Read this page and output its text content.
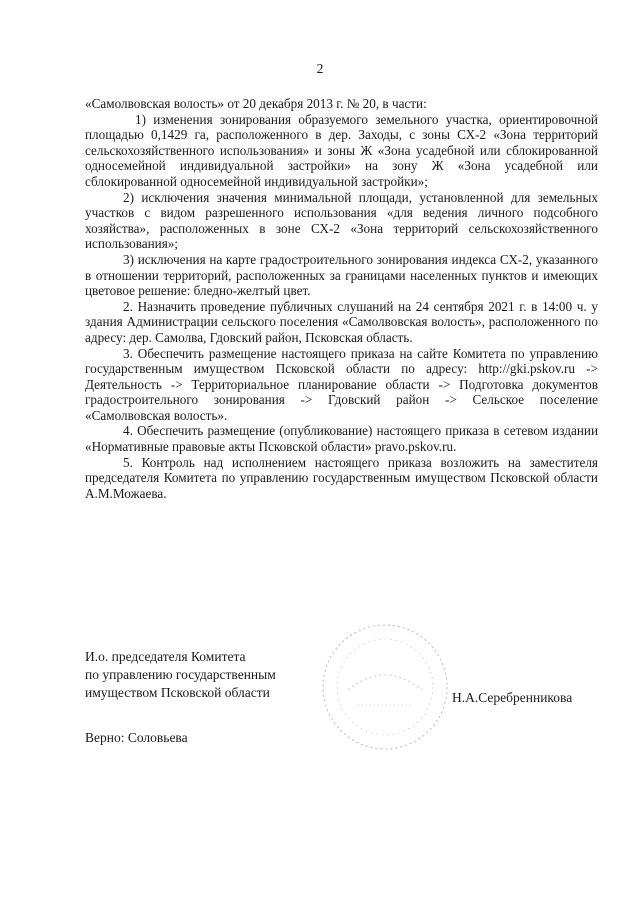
2

«Самолвовская волость» от 20 декабря 2013 г. № 20, в части:

1) изменения зонирования образуемого земельного участка, ориентировочной площадью 0,1429 га, расположенного в дер. Заходы, с зоны СХ-2 «Зона территорий сельскохозяйственного использования» и зоны Ж «Зона усадебной или сблокированной односемейной индивидуальной застройки» на зону Ж «Зона усадебной или сблокированной односемейной индивидуальной застройки»;

2) исключения значения минимальной площади, установленной для земельных участков с видом разрешенного использования «для ведения личного подсобного хозяйства», расположенных в зоне СХ-2 «Зона территорий сельскохозяйственного использования»;

3) исключения на карте градостроительного зонирования индекса СХ-2, указанного в отношении территорий, расположенных за границами населенных пунктов и имеющих цветовое решение: бледно-желтый цвет.

2. Назначить проведение публичных слушаний на 24 сентября 2021 г. в 14:00 ч. у здания Администрации сельского поселения «Самолвовская волость», расположенного по адресу: дер. Самолва, Гдовский район, Псковская область.

3. Обеспечить размещение настоящего приказа на сайте Комитета по управлению государственным имуществом Псковской области по адресу: http://gki.pskov.ru -> Деятельность -> Территориальное планирование области -> Подготовка документов градостроительного зонирования -> Гдовский район -> Сельское поселение «Самолвовская волость».

4. Обеспечить размещение (опубликование) настоящего приказа в сетевом издании «Нормативные правовые акты Псковской области» pravo.pskov.ru.

5. Контроль над исполнением настоящего приказа возложить на заместителя председателя Комитета по управлению государственным имуществом Псковской области А.М.Можаева.

И.о. председателя Комитета
по управлению государственным
имуществом Псковской области	Н.А.Серебренникова
Верно: Соловьева
